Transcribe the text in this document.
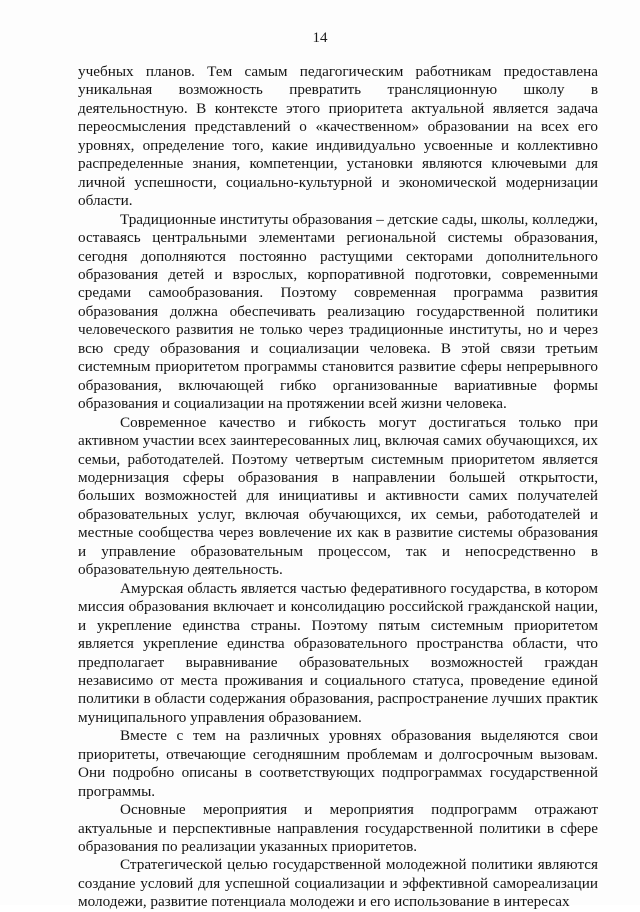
14

учебных планов. Тем самым педагогическим работникам предоставлена уникальная возможность превратить трансляционную школу в деятельностную. В контексте этого приоритета актуальной является задача переосмысления представлений о «качественном» образовании на всех его уровнях, определение того, какие индивидуально усвоенные и коллективно распределенные знания, компетенции, установки являются ключевыми для личной успешности, социально-культурной и экономической модернизации области.

Традиционные институты образования – детские сады, школы, колледжи, оставаясь центральными элементами региональной системы образования, сегодня дополняются постоянно растущими секторами дополнительного образования детей и взрослых, корпоративной подготовки, современными средами самообразования. Поэтому современная программа развития образования должна обеспечивать реализацию государственной политики человеческого развития не только через традиционные институты, но и через всю среду образования и социализации человека. В этой связи третьим системным приоритетом программы становится развитие сферы непрерывного образования, включающей гибко организованные вариативные формы образования и социализации на протяжении всей жизни человека.

Современное качество и гибкость могут достигаться только при активном участии всех заинтересованных лиц, включая самих обучающихся, их семьи, работодателей. Поэтому четвертым системным приоритетом является модернизация сферы образования в направлении большей открытости, больших возможностей для инициативы и активности самих получателей образовательных услуг, включая обучающихся, их семьи, работодателей и местные сообщества через вовлечение их как в развитие системы образования и управление образовательным процессом, так и непосредственно в образовательную деятельность.

Амурская область является частью федеративного государства, в котором миссия образования включает и консолидацию российской гражданской нации, и укрепление единства страны. Поэтому пятым системным приоритетом является укрепление единства образовательного пространства области, что предполагает выравнивание образовательных возможностей граждан независимо от места проживания и социального статуса, проведение единой политики в области содержания образования, распространение лучших практик муниципального управления образованием.

Вместе с тем на различных уровнях образования выделяются свои приоритеты, отвечающие сегодняшним проблемам и долгосрочным вызовам. Они подробно описаны в соответствующих подпрограммах государственной программы.

Основные мероприятия и мероприятия подпрограмм отражают актуальные и перспективные направления государственной политики в сфере образования по реализации указанных приоритетов.

Стратегической целью государственной молодежной политики являются создание условий для успешной социализации и эффективной самореализации молодежи, развитие потенциала молодежи и его использование в интересах
